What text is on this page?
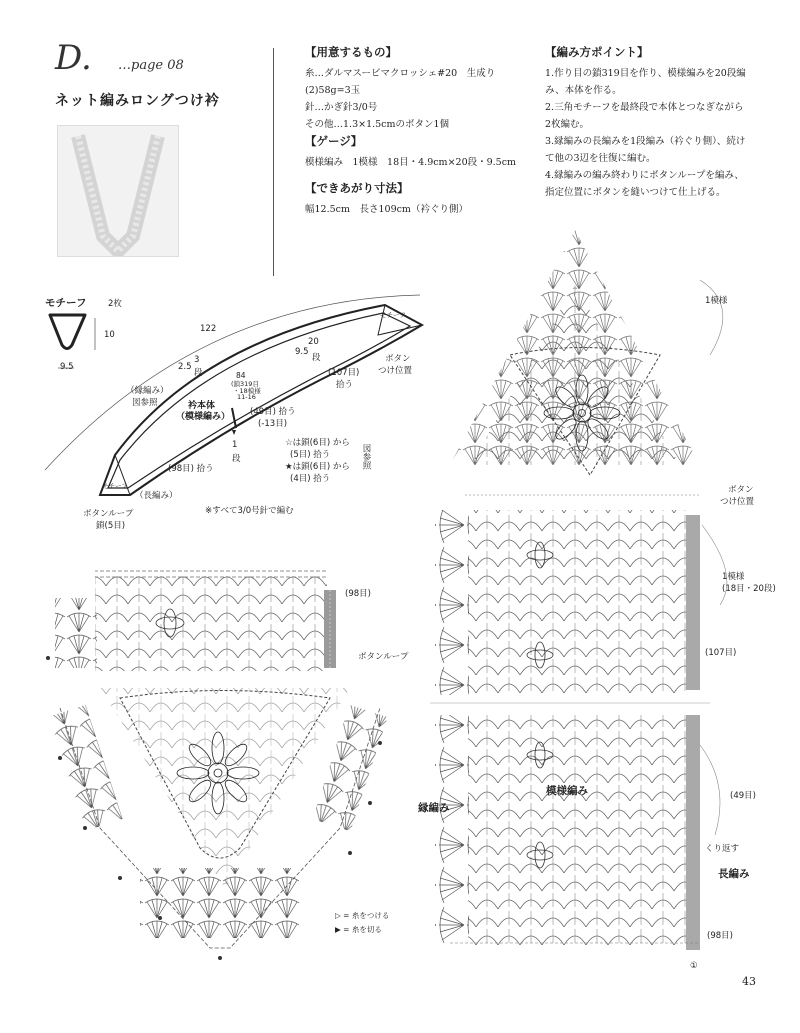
D. …page 08
ネット編みロングつけ衿
【用意するもの】
糸…ダルマスービマクロッシェ#20　生成り
(2)58g=3玉
針…かぎ針3/0号
その他…1.3×1.5cmのボタン1個
【ゲージ】
模様編み　1模様　18目・4.9cm×20段・9.5cm
【できあがり寸法】
幅12.5cm　長さ109cm（衿ぐり側）
【編み方ポイント】
1.作り目の鎖319目を作り、模様編みを20段編
み、本体を作る。
2.三角モチーフを最終段で本体とつなぎながら
2枚編む。
3.縁編みの長編みを1段編み（衿ぐり側）、続け
て他の3辺を往復に編む。
4.縁編みの編み終わりにボタンループを編み、
指定位置にボタンを縫いつけて仕上げる。
モチーフ	2枚
10
9.5
122
20
9.5
段
2.5
3
段
モチーフ
モチーフ
ボタン
つけ位置
（縁編み）
図参照	衿本体
（模様編み）
84
(鎖319目
・18模様
11-16
(107目)
拾う
(49目) 拾う
(-13目)
1
段
(98目) 拾う
☆は鎖(6目) から
(5目) 拾う
★は鎖(6目) から
(4目) 拾う
図参照
（長編み）
ボタンループ
鎖(5目)
※すべて3/0号針で編む
(98目)
ボタンループ
▷ = 糸をつける
▶ = 糸を切る
1模様
ボタン
つけ位置
1模様
(18目・20段)
(107目)
模様編み	(49目)
縁編み
くり返す
長編み
(98目)
①
43
